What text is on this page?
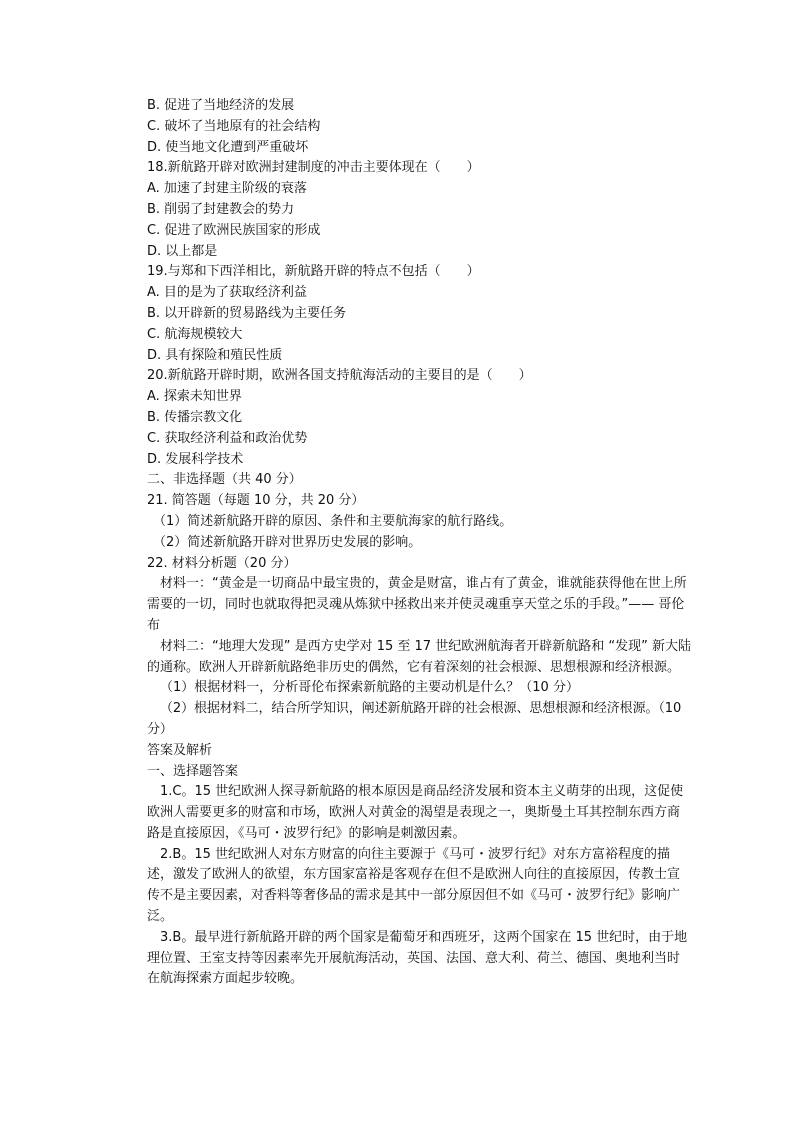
B. 促进了当地经济的发展

C. 破坏了当地原有的社会结构

D. 使当地文化遭到严重破坏

18.新航路开辟对欧洲封建制度的冲击主要体现在（　　）

A. 加速了封建主阶级的衰落

B. 削弱了封建教会的势力

C. 促进了欧洲民族国家的形成

D. 以上都是

19.与郑和下西洋相比，新航路开辟的特点不包括（　　）

A. 目的是为了获取经济利益

B. 以开辟新的贸易路线为主要任务

C. 航海规模较大

D. 具有探险和殖民性质

20.新航路开辟时期，欧洲各国支持航海活动的主要目的是（　　）

A. 探索未知世界

B. 传播宗教文化

C. 获取经济利益和政治优势

D. 发展科学技术

二、非选择题（共 40 分）

21. 简答题（每题 10 分，共 20 分）

（1）简述新航路开辟的原因、条件和主要航海家的航行路线。

（2）简述新航路开辟对世界历史发展的影响。

22. 材料分析题（20 分）

材料一：“黄金是一切商品中最宝贵的，黄金是财富，谁占有了黄金，谁就能获得他在世上所需要的一切，同时也就取得把灵魂从炼狱中拯救出来并使灵魂重享天堂之乐的手段。”—— 哥伦布

材料二：“地理大发现” 是西方史学对 15 至 17 世纪欧洲航海者开辟新航路和 “发现” 新大陆的通称。欧洲人开辟新航路绝非历史的偶然，它有着深刻的社会根源、思想根源和经济根源。

（1）根据材料一，分析哥伦布探索新航路的主要动机是什么？（10 分）

（2）根据材料二，结合所学知识，阐述新航路开辟的社会根源、思想根源和经济根源。（10 分）

答案及解析

一、选择题答案

1.C。15 世纪欧洲人探寻新航路的根本原因是商品经济发展和资本主义萌芽的出现，这促使欧洲人需要更多的财富和市场，欧洲人对黄金的渴望是表现之一，奥斯曼土耳其控制东西方商路是直接原因，《马可・波罗行纪》的影响是刺激因素。

2.B。15 世纪欧洲人对东方财富的向往主要源于《马可・波罗行纪》对东方富裕程度的描述，激发了欧洲人的欲望，东方国家富裕是客观存在但不是欧洲人向往的直接原因，传教士宣传不是主要因素，对香料等奢侈品的需求是其中一部分原因但不如《马可・波罗行纪》影响广泛。

3.B。最早进行新航路开辟的两个国家是葡萄牙和西班牙，这两个国家在 15 世纪时，由于地理位置、王室支持等因素率先开展航海活动，英国、法国、意大利、荷兰、德国、奥地利当时在航海探索方面起步较晚。
